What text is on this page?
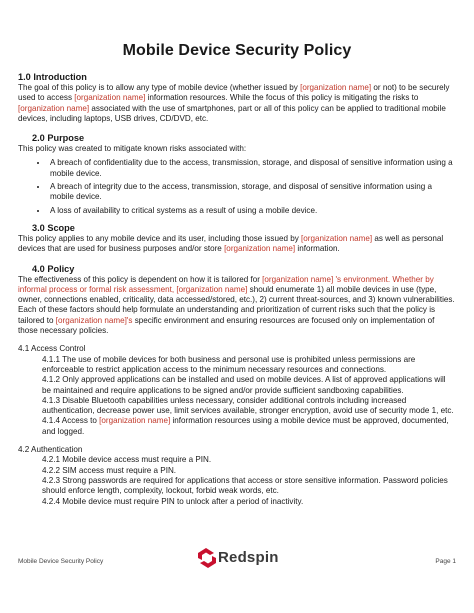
Mobile Device Security Policy
1.0 Introduction

The goal of this policy is to allow any type of mobile device (whether issued by [organization name] or not) to be securely used to access [organization name] information resources. While the focus of this policy is mitigating the risks to [organization name] associated with the use of smartphones, part or all of this policy can be applied to traditional mobile devices, including laptops, USB drives, CD/DVD, etc.

2.0 Purpose

This policy was created to mitigate known risks associated with:

• A breach of confidentiality due to the access, transmission, storage, and disposal of sensitive information using a mobile device.
• A breach of integrity due to the access, transmission, storage, and disposal of sensitive information using a mobile device.
• A loss of availability to critical systems as a result of using a mobile device.
3.0 Scope

This policy applies to any mobile device and its user, including those issued by [organization name] as well as personal devices that are used for business purposes and/or store [organization name] information.

4.0 Policy

The effectiveness of this policy is dependent on how it is tailored for [organization name] 's environment. Whether by informal process or formal risk assessment, [organization name] should enumerate 1) all mobile devices in use (type, owner, connections enabled, criticality, data accessed/stored, etc.), 2) current threat-sources, and 3) known vulnerabilities. Each of these factors should help formulate an understanding and prioritization of current risks such that the policy is tailored to [organization name]'s specific environment and ensuring resources are focused only on implementation of those necessary policies.

4.1 Access Control
4.1.1 The use of mobile devices for both business and personal use is prohibited unless permissions are enforceable to restrict application access to the minimum necessary resources and connections.
4.1.2 Only approved applications can be installed and used on mobile devices. A list of approved applications will be maintained and require applications to be signed and/or provide sufficient sandboxing capabilities.
4.1.3 Disable Bluetooth capabilities unless necessary, consider additional controls including increased authentication, decrease power use, limit services available, stronger encryption, avoid use of security mode 1, etc.
4.1.4 Access to [organization name] information resources using a mobile device must be approved, documented, and logged.
4.2 Authentication
4.2.1 Mobile device access must require a PIN.
4.2.2 SIM access must require a PIN.
4.2.3 Strong passwords are required for applications that access or store sensitive information. Password policies should enforce length, complexity, lockout, forbid weak words, etc.
4.2.4 Mobile device must require PIN to unlock after a period of inactivity.
Mobile Device Security Policy	Redspin	Page 1
